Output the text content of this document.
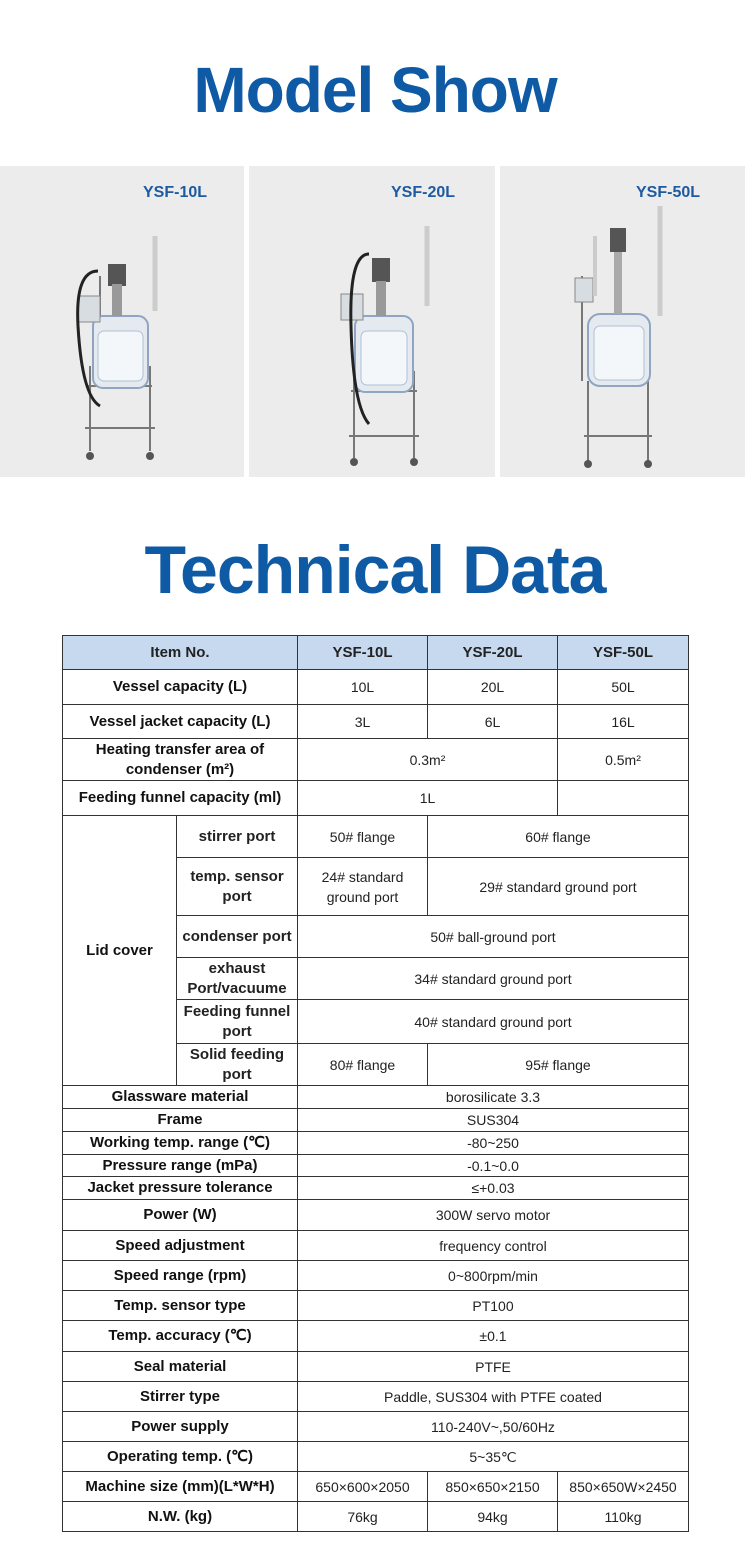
Model Show
YSF-10L	YSF-20L	YSF-50L
Technical Data
Item No.		YSF-10L	YSF-20L	YSF-50L
Vessel capacity (L)		10L	20L	50L
Vessel jacket capacity (L)		3L	6L	16L
Heating transfer area of condenser (m²)		0.3m²		0.5m²
Feeding funnel capacity (ml)		1L		
Lid cover	stirrer port	50# flange	60# flange	
	temp. sensor port	24# standard ground port	29# standard ground port	
	condenser port	50# ball-ground port		
	exhaust Port/vacuume	34# standard ground port		
	Feeding funnel port	40# standard ground port		
	Solid feeding port	80# flange	95# flange	
Glassware material		borosilicate 3.3		
Frame		SUS304		
Working temp. range (℃)		-80~250		
Pressure range (mPa)		-0.1~0.0		
Jacket pressure tolerance		≤+0.03		
Power (W)		300W servo motor		
Speed adjustment		frequency control		
Speed range (rpm)		0~800rpm/min		
Temp. sensor type		PT100		
Temp. accuracy (℃)		±0.1		
Seal material		PTFE		
Stirrer type		Paddle, SUS304 with PTFE coated		
Power supply		110-240V~,50/60Hz		
Operating temp. (℃)		5~35℃		
Machine size (mm)(L*W*H)		650×600×2050	850×650×2150	850×650W×2450
N.W. (kg)		76kg	94kg	110kg
